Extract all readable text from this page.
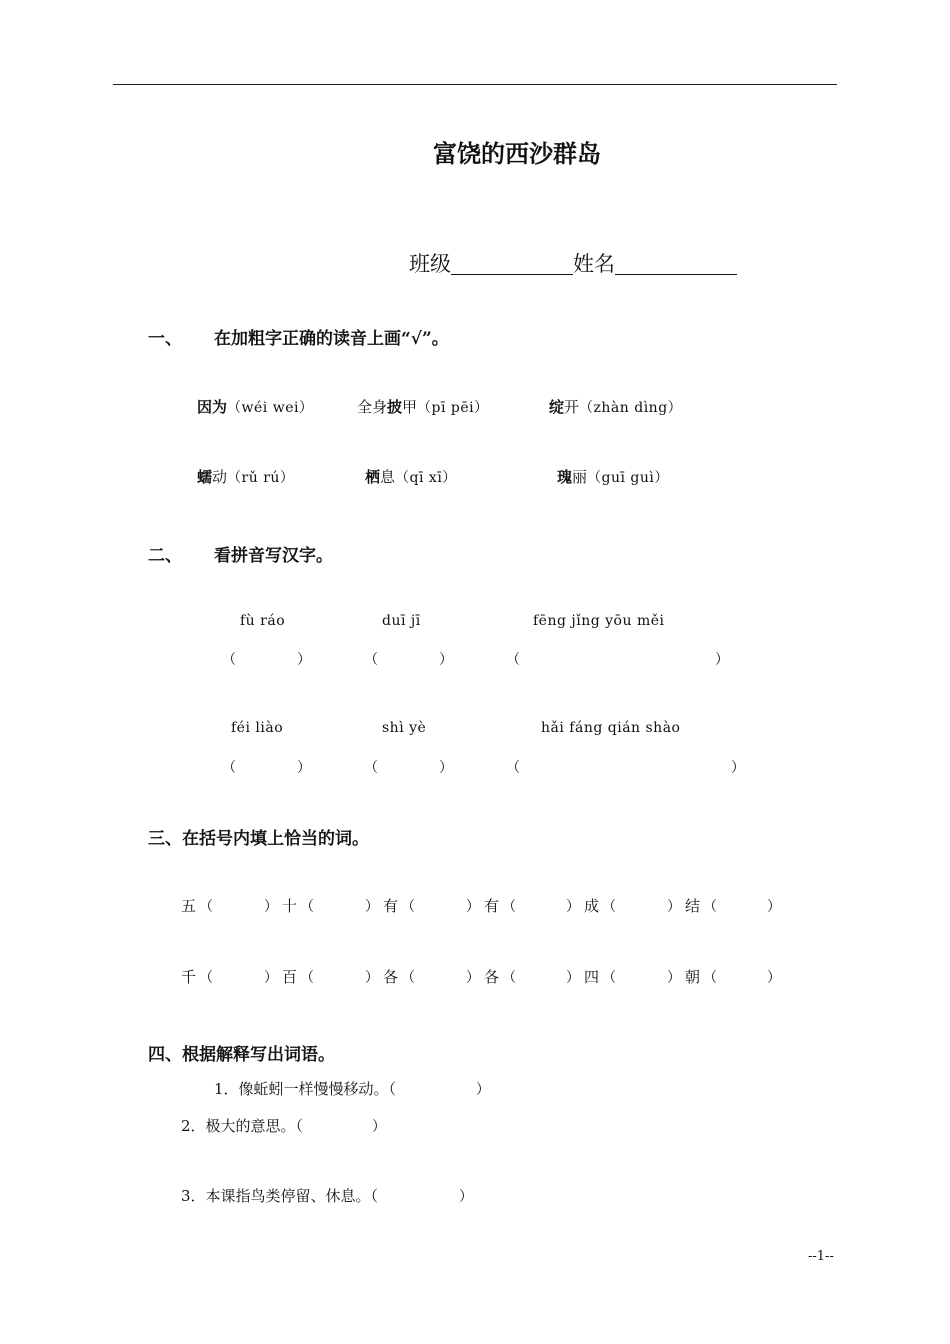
富饶的西沙群岛
班级	姓名
一、 在加粗字正确的读音上画“√”。
因为（wéi wei）	全身披甲（pī pēi）	绽开（zhàn dìng）
蠕动（rǔ rú）	栖息（qī xī）	瑰丽（guī guì）
二、 看拼音写汉字。
fù ráo	duī jī	fēng jǐng yōu měi
（	）	（	）	（	）
féi liào	shì yè	hǎi fáng qián shào
（	）	（	）	（	）
三、在括号内填上恰当的词。
五	十	有	有	成	结
（	） （	） （	） （	） （	） （	）
千	百	各	各	四	朝
（	） （	） （	） （	） （	） （	）
四、根据解释写出词语。
1．像蚯蚓一样慢慢移动。（	）
2．极大的意思。（	）
3．本课指鸟类停留、休息。（	）
--1--
